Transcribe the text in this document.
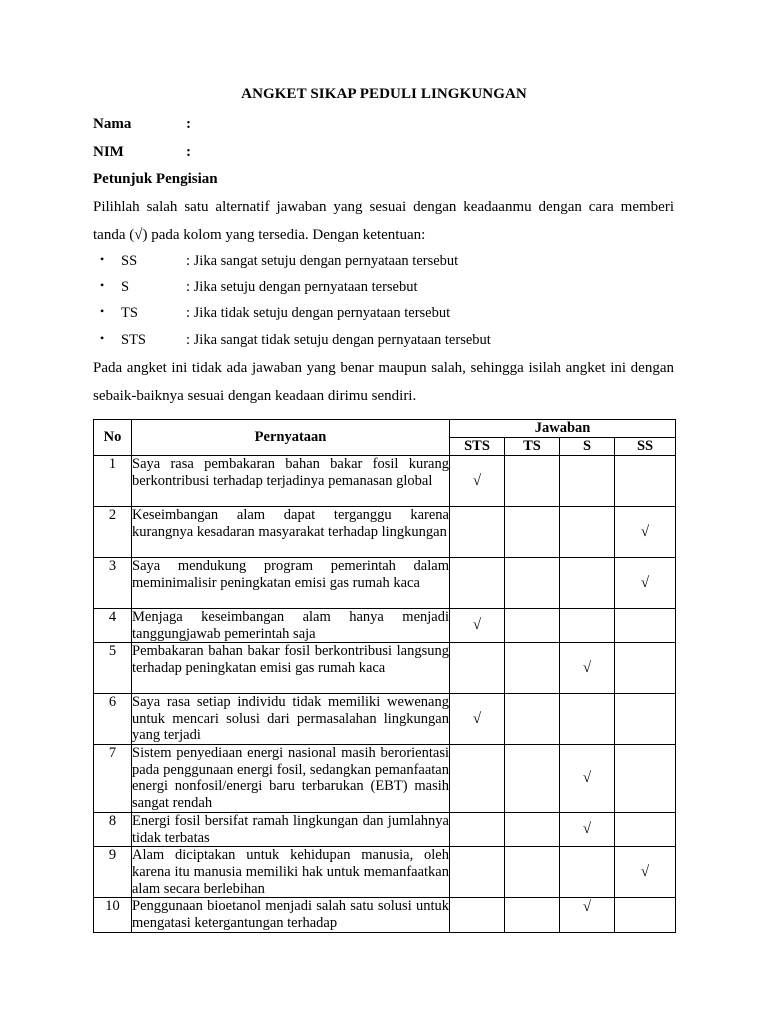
ANGKET SIKAP PEDULI LINGKUNGAN
Nama	:
NIM	:
Petunjuk Pengisian
Pilihlah salah satu alternatif jawaban yang sesuai dengan keadaanmu dengan cara memberi tanda (√) pada kolom yang tersedia. Dengan ketentuan:
• SS	: Jika sangat setuju dengan pernyataan tersebut
• S	: Jika setuju dengan pernyataan tersebut
• TS	: Jika tidak setuju dengan pernyataan tersebut
• STS	: Jika sangat tidak setuju dengan pernyataan tersebut
Pada angket ini tidak ada jawaban yang benar maupun salah, sehingga isilah angket ini dengan sebaik-baiknya sesuai dengan keadaan dirimu sendiri.
No	Pernyataan	Jawaban			
		STS	TS	S	SS
1	Saya rasa pembakaran bahan bakar fosil kurang berkontribusi terhadap terjadinya pemanasan global	√			
2	Keseimbangan alam dapat terganggu karena kurangnya kesadaran masyarakat terhadap lingkungan				√
3	Saya mendukung program pemerintah dalam meminimalisir peningkatan emisi gas rumah kaca				√
4	Menjaga keseimbangan alam hanya menjadi tanggungjawab pemerintah saja	√			
5	Pembakaran bahan bakar fosil berkontribusi langsung terhadap peningkatan emisi gas rumah kaca			√	
6	Saya rasa setiap individu tidak memiliki wewenang untuk mencari solusi dari permasalahan lingkungan yang terjadi	√			
7	Sistem penyediaan energi nasional masih berorientasi pada penggunaan energi fosil, sedangkan pemanfaatan energi nonfosil/energi baru terbarukan (EBT) masih sangat rendah			√	
8	Energi fosil bersifat ramah lingkungan dan jumlahnya tidak terbatas			√	
9	Alam diciptakan untuk kehidupan manusia, oleh karena itu manusia memiliki hak untuk memanfaatkan alam secara berlebihan				√
10	Penggunaan bioetanol menjadi salah satu solusi untuk mengatasi ketergantungan terhadap			√	
